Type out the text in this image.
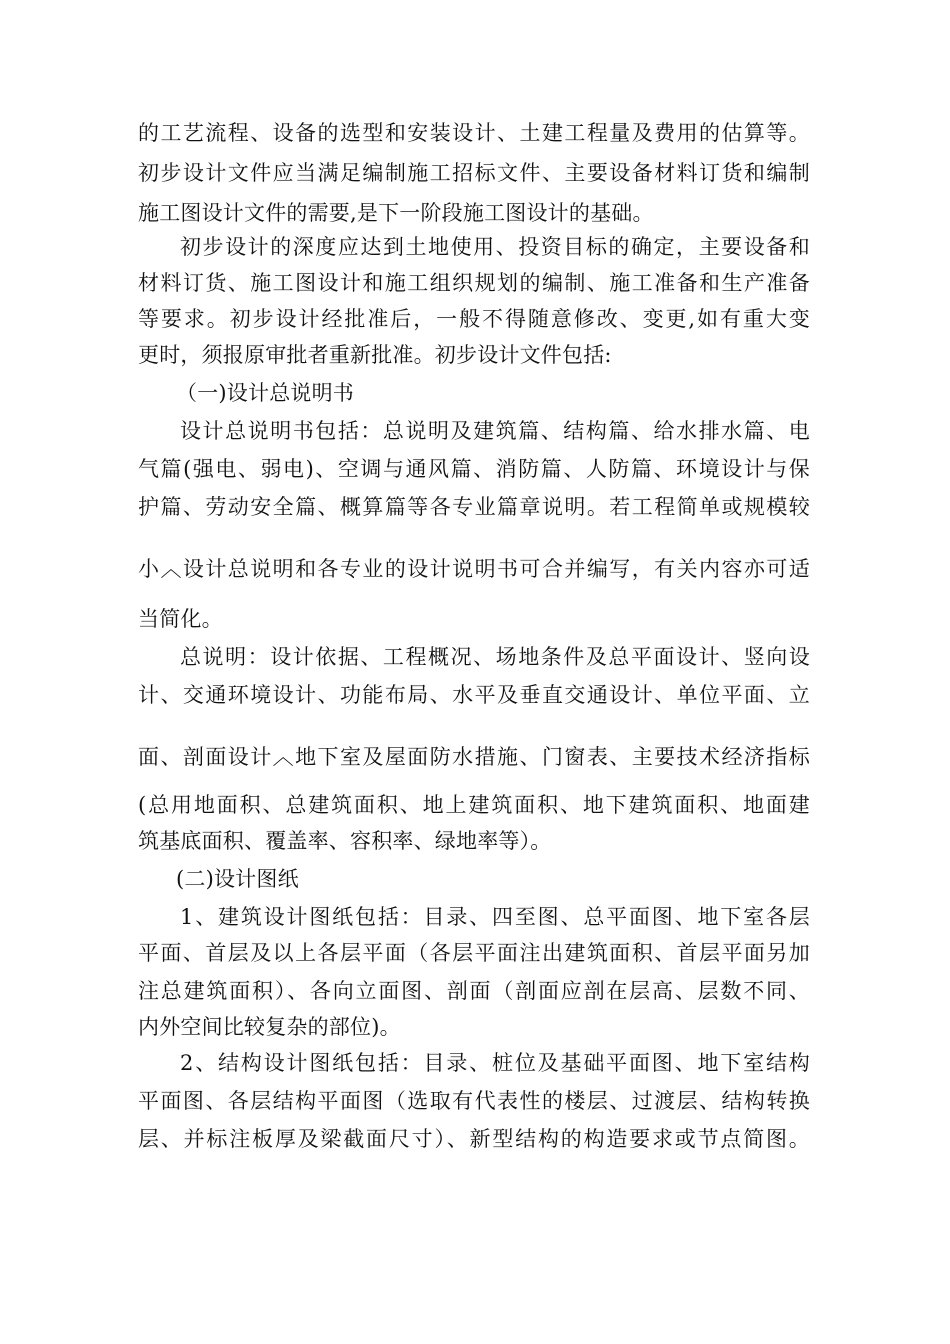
的工艺流程、设备的选型和安装设计、土建工程量及费用的估算等。
初步设计文件应当满足编制施工招标文件、主要设备材料订货和编制
施工图设计文件的需要,是下一阶段施工图设计的基础。
初步设计的深度应达到土地使用、投资目标的确定，主要设备和
材料订货、施工图设计和施工组织规划的编制、施工准备和生产准备
等要求。初步设计经批准后，一般不得随意修改、变更,如有重大变
更时，须报原审批者重新批准。初步设计文件包括:
（一)设计总说明书
设计总说明书包括：总说明及建筑篇、结构篇、给水排水篇、电
气篇(强电、弱电)、空调与通风篇、消防篇、人防篇、环境设计与保
护篇、劳动安全篇、概算篇等各专业篇章说明。若工程简单或规模较
小︿设计总说明和各专业的设计说明书可合并编写，有关内容亦可适
当简化。
总说明：设计依据、工程概况、场地条件及总平面设计、竖向设
计、交通环境设计、功能布局、水平及垂直交通设计、单位平面、立
面、剖面设计︿地下室及屋面防水措施、门窗表、主要技术经济指标
(总用地面积、总建筑面积、地上建筑面积、地下建筑面积、地面建
筑基底面积、覆盖率、容积率、绿地率等）。
(二)设计图纸
1、建筑设计图纸包括：目录、四至图、总平面图、地下室各层
平面、首层及以上各层平面（各层平面注出建筑面积、首层平面另加
注总建筑面积）、各向立面图、剖面（剖面应剖在层高、层数不同、
内外空间比较复杂的部位)。
2、结构设计图纸包括：目录、桩位及基础平面图、地下室结构
平面图、各层结构平面图（选取有代表性的楼层、过渡层、结构转换
层、并标注板厚及梁截面尺寸）、新型结构的构造要求或节点简图。
